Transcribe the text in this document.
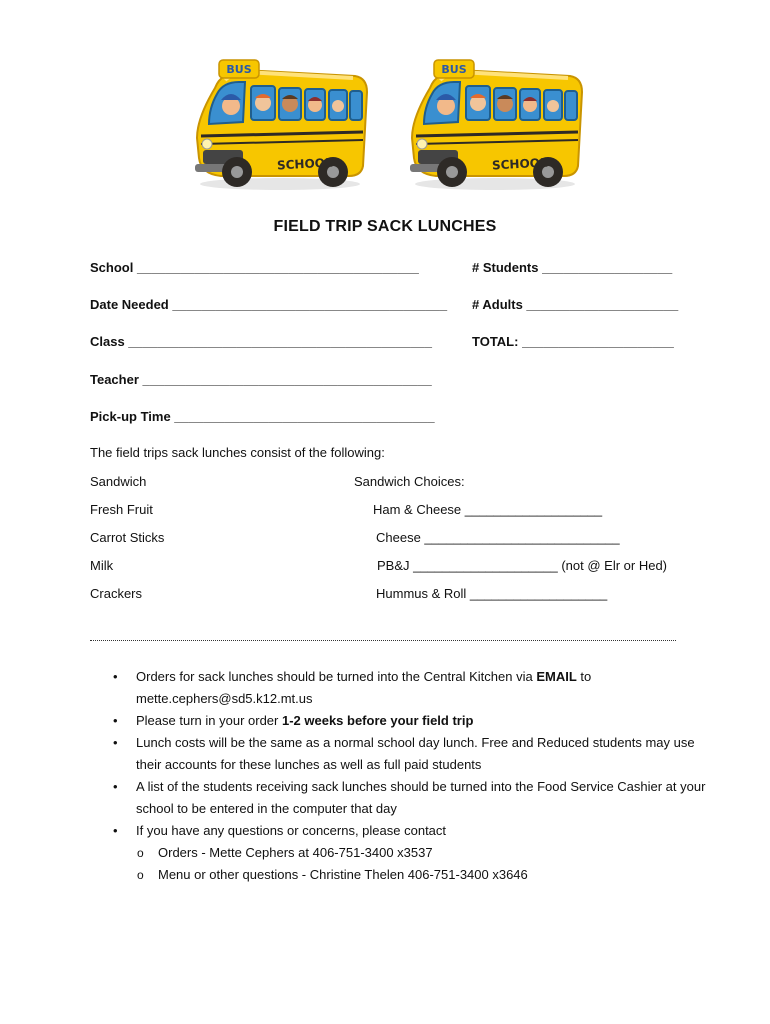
BUS
SCHOOL
BUS
SCHOOL
FIELD TRIP SACK LUNCHES
School _______________________________________	# Students __________________
Date Needed ______________________________________ # Adults _____________________
Class __________________________________________	TOTAL: _____________________
Teacher ________________________________________
Pick-up Time ____________________________________
The field trips sack lunches consist of the following:
Sandwich
Fresh Fruit
Carrot Sticks
Milk
Crackers
Sandwich Choices:
Ham & Cheese ___________________
Cheese ___________________________
PB&J ____________________ (not @ Elr or Hed)
Hummus & Roll ___________________
• Orders for sack lunches should be turned into the Central Kitchen via EMAIL to mette.cephers@sd5.k12.mt.us
• Please turn in your order 1-2 weeks before your field trip
• Lunch costs will be the same as a normal school day lunch. Free and Reduced students may use their accounts for these lunches as well as full paid students
• A list of the students receiving sack lunches should be turned into the Food Service Cashier at your school to be entered in the computer that day
• If you have any questions or concerns, please contact
o Orders - Mette Cephers at 406-751-3400 x3537
o Menu or other questions - Christine Thelen 406-751-3400 x3646
